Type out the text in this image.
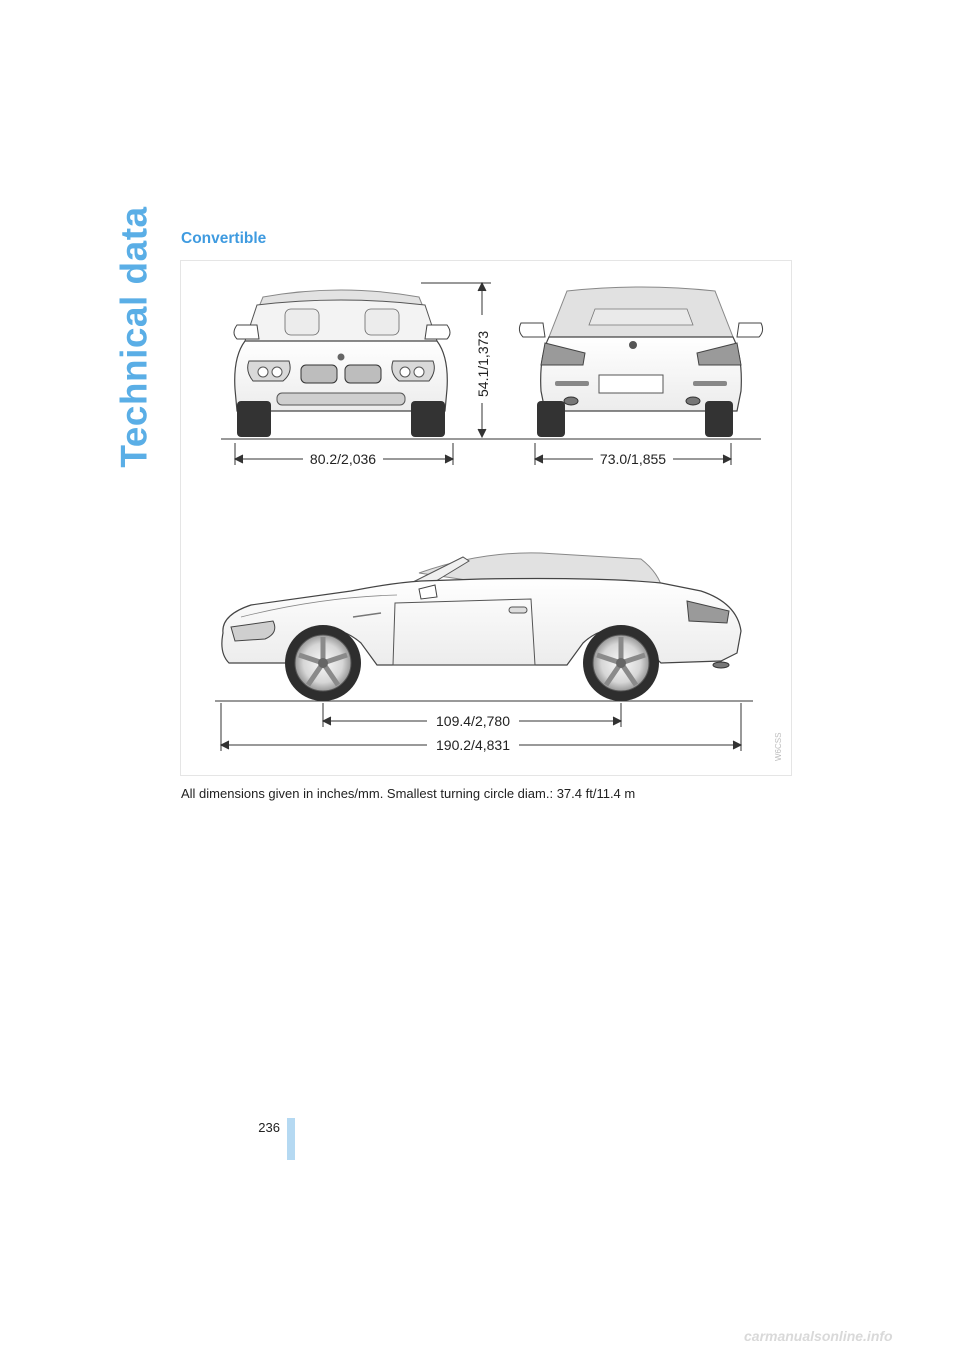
Technical data Convertible
54.1/1,373
80.2/2,036	73.0/1,855
109.4/2,780
190.2/4,831	W6CSS
All dimensions given in inches/mm. Smallest turning circle diam.: 37.4 ft/11.4 m
236
carmanualsonline.info
